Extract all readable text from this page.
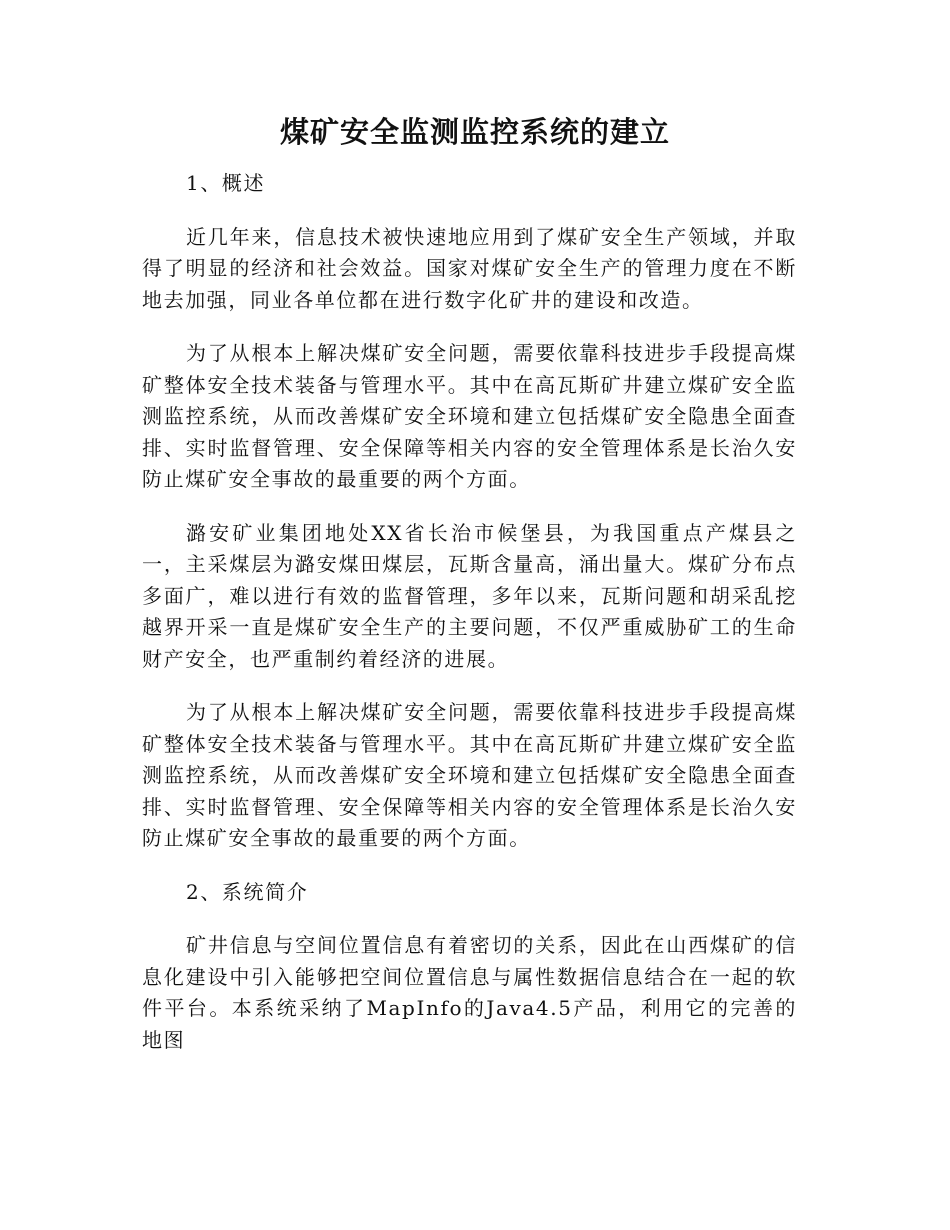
煤矿安全监测监控系统的建立

1、概述

近几年来，信息技术被快速地应用到了煤矿安全生产领域，并取得了明显的经济和社会效益。国家对煤矿安全生产的管理力度在不断地去加强，同业各单位都在进行数字化矿井的建设和改造。

为了从根本上解决煤矿安全问题，需要依靠科技进步手段提高煤矿整体安全技术装备与管理水平。其中在高瓦斯矿井建立煤矿安全监测监控系统，从而改善煤矿安全环境和建立包括煤矿安全隐患全面查排、实时监督管理、安全保障等相关内容的安全管理体系是长治久安防止煤矿安全事故的最重要的两个方面。

潞安矿业集团地处XX省长治市候堡县，为我国重点产煤县之一，主采煤层为潞安煤田煤层，瓦斯含量高，涌出量大。煤矿分布点多面广，难以进行有效的监督管理，多年以来，瓦斯问题和胡采乱挖越界开采一直是煤矿安全生产的主要问题，不仅严重威胁矿工的生命财产安全，也严重制约着经济的进展。

为了从根本上解决煤矿安全问题，需要依靠科技进步手段提高煤矿整体安全技术装备与管理水平。其中在高瓦斯矿井建立煤矿安全监测监控系统，从而改善煤矿安全环境和建立包括煤矿安全隐患全面查排、实时监督管理、安全保障等相关内容的安全管理体系是长治久安防止煤矿安全事故的最重要的两个方面。

2、系统简介

矿井信息与空间位置信息有着密切的关系，因此在山西煤矿的信息化建设中引入能够把空间位置信息与属性数据信息结合在一起的软件平台。本系统采纳了MapInfo的Java4.5产品，利用它的完善的地图
